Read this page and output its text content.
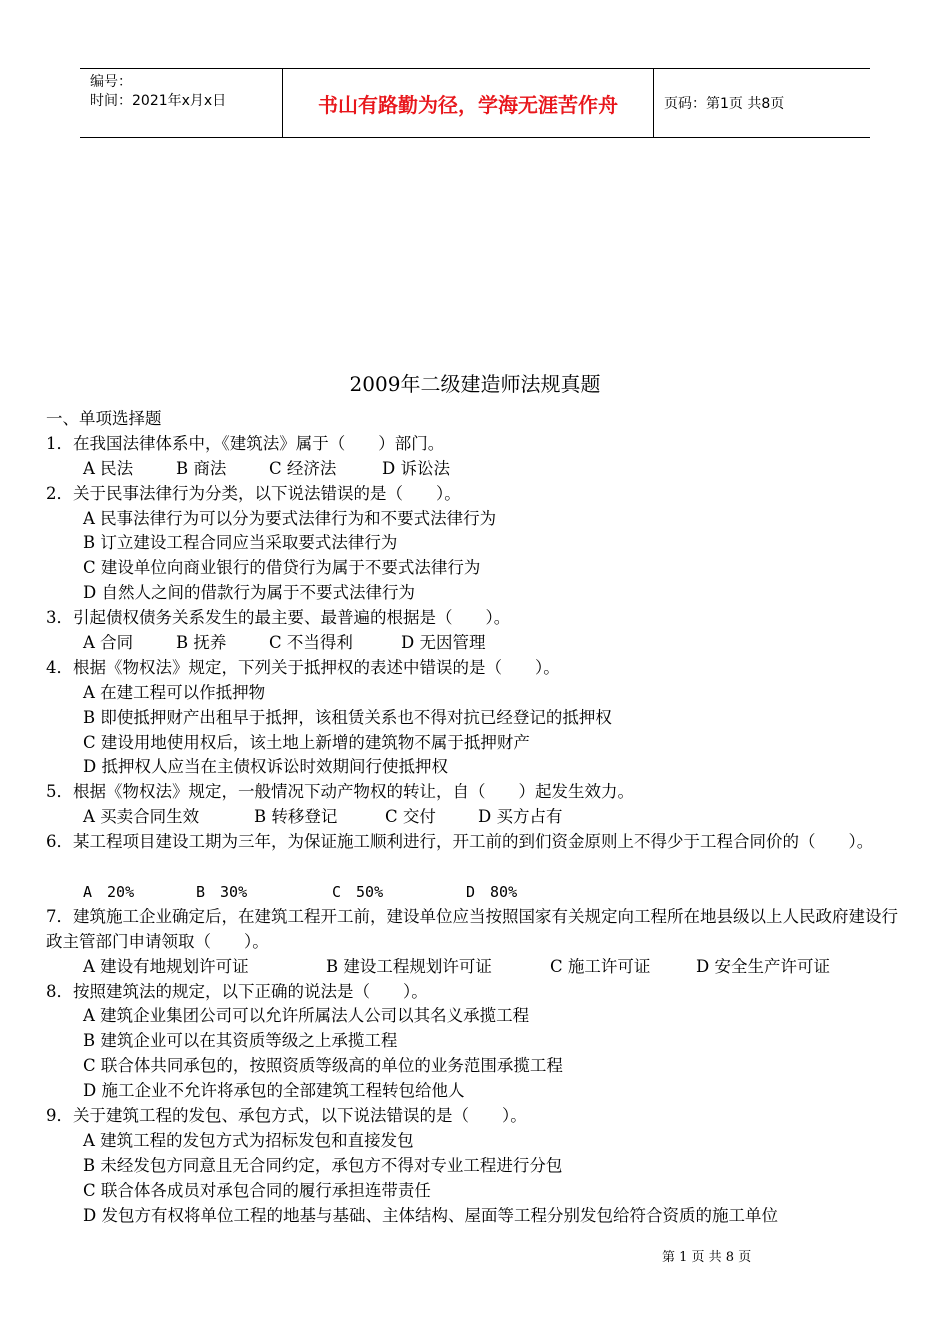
编号：
时间：2021年x月x日	书山有路勤为径，学海无涯苦作舟	页码：第1页 共8页
2009年二级建造师法规真题
一、单项选择题
1．在我国法律体系中，《建筑法》属于（　　）部门。
A 民法	B 商法	C 经济法	D 诉讼法
2．关于民事法律行为分类，以下说法错误的是（　　）。
A 民事法律行为可以分为要式法律行为和不要式法律行为
B 订立建设工程合同应当采取要式法律行为
C 建设单位向商业银行的借贷行为属于不要式法律行为
D 自然人之间的借款行为属于不要式法律行为
3．引起债权债务关系发生的最主要、最普遍的根据是（　　）。
A 合同	B 抚养	C 不当得利	D 无因管理
4．根据《物权法》规定，下列关于抵押权的表述中错误的是（　　）。
A 在建工程可以作抵押物
B 即使抵押财产出租早于抵押，该租赁关系也不得对抗已经登记的抵押权
C 建设用地使用权后，该土地上新增的建筑物不属于抵押财产
D 抵押权人应当在主债权诉讼时效期间行使抵押权
5．根据《物权法》规定，一般情况下动产物权的转让，自（　　）起发生效力。
A 买卖合同生效	B 转移登记	C 交付	D 买方占有
6．某工程项目建设工期为三年，为保证施工顺利进行，开工前的到们资金原则上不得少于工程合同价的（　　）。
A　20%	B　30%	C　50%	D　80%
7．建筑施工企业确定后，在建筑工程开工前，建设单位应当按照国家有关规定向工程所在地县级以上人民政府建设行政主管部门申请领取（　　）。
A 建设有地规划许可证	B 建设工程规划许可证	C 施工许可证	D 安全生产许可证
8．按照建筑法的规定，以下正确的说法是（　　）。
A 建筑企业集团公司可以允许所属法人公司以其名义承揽工程
B 建筑企业可以在其资质等级之上承揽工程
C 联合体共同承包的，按照资质等级高的单位的业务范围承揽工程
D 施工企业不允许将承包的全部建筑工程转包给他人
9．关于建筑工程的发包、承包方式，以下说法错误的是（　　）。
A 建筑工程的发包方式为招标发包和直接发包
B 未经发包方同意且无合同约定，承包方不得对专业工程进行分包
C 联合体各成员对承包合同的履行承担连带责任
D 发包方有权将单位工程的地基与基础、主体结构、屋面等工程分别发包给符合资质的施工单位
第 1 页 共 8 页
